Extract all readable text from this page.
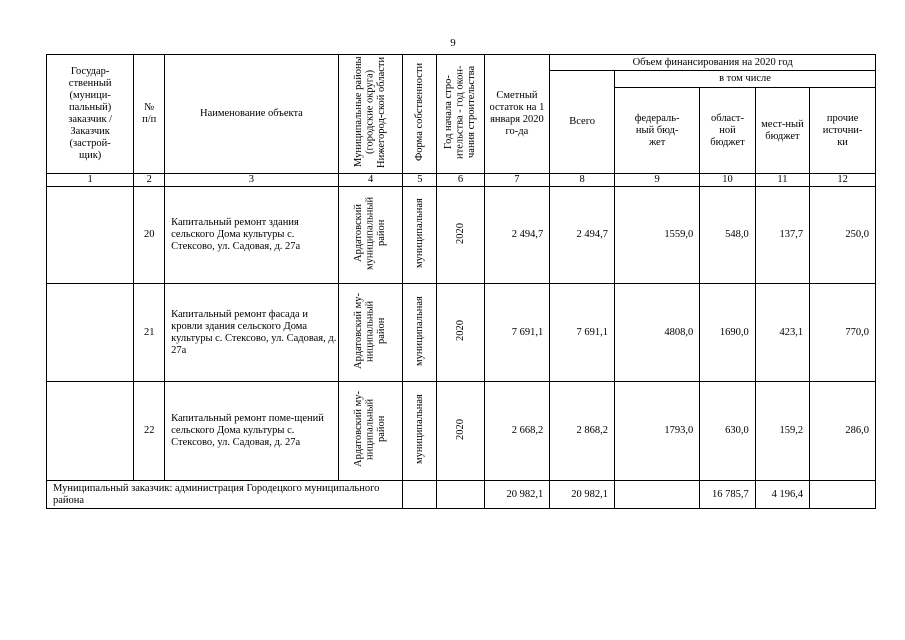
9
Государ-ственный (муници-пальный) заказчик /Заказчик (застрой-щик)	№ п/п	Наименование объекта	Муниципальные районы (городские округа) Нижегород-ской области	Форма собственности	Год начала стро-ительства - год окон-чания строительства	Сметный остаток на 1 января 2020 го-да	Объем финансирования на 2020 год				
							Всего	в том числе			

								федераль-ный бюд-жет	област-ной бюджет	мест-ный бюджет	прочие источни-ки

1	2	3	4	5	6	7	8	9	10	11	12
	20	Капитальный ремонт здания сельского Дома культуры с. Стексово, ул. Садовая, д. 27а	Ардатовский муниципальный район	муниципальная	2020	2 494,7	2 494,7	1559,0	548,0	137,7	250,0
	21	Капитальный ремонт фасада и кровли здания сельского Дома культуры с. Стексово, ул. Садовая, д. 27а	Ардатовский му-ниципальный район	муниципальная	2020	7 691,1	7 691,1	4808,0	1690,0	423,1	770,0
	22	Капитальный ремонт поме-щений сельского Дома культуры с. Стексово, ул. Садовая, д. 27а	Ардатовский му-ниципальный район	муниципальная	2020	2 668,2	2 868,2	1793,0	630,0	159,2	286,0
Муниципальный заказчик: администрация Городецкого муниципального района						20 982,1	20 982,1		16 785,7	4 196,4	
